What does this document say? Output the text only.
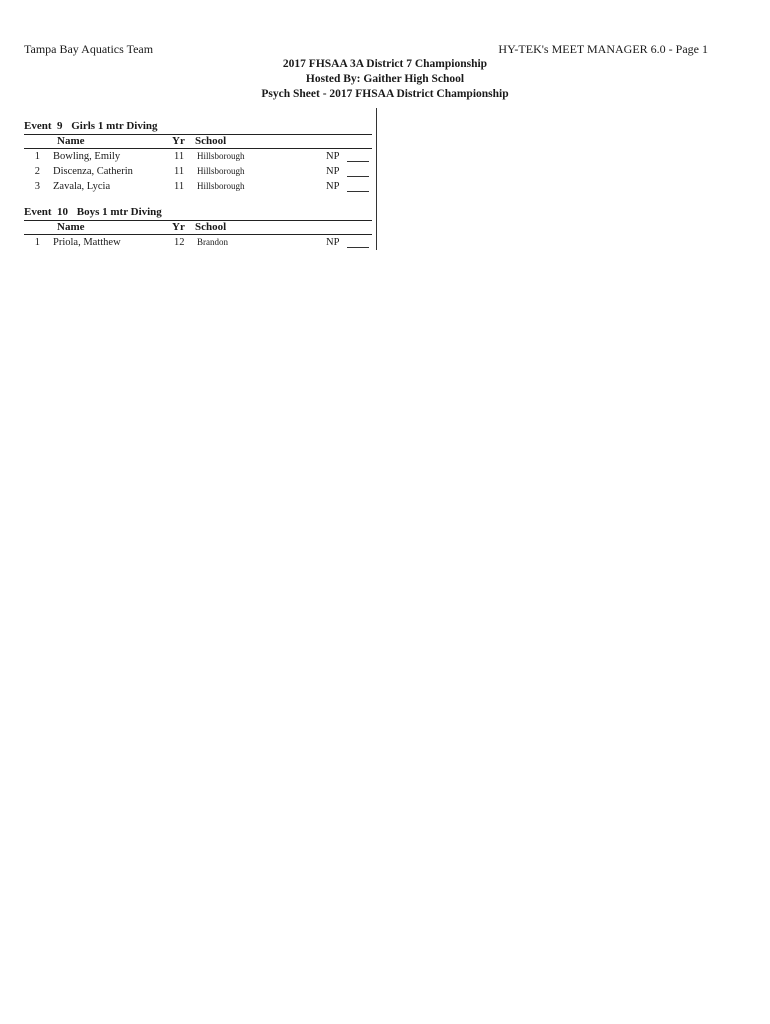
Tampa Bay Aquatics Team	HY-TEK's MEET MANAGER 6.0 - Page 1
2017 FHSAA 3A District 7 Championship
Hosted By: Gaither High School
Psych Sheet - 2017 FHSAA District Championship
Event  9 Girls 1 mtr Diving
Name	Yr School
1 Bowling, Emily	11 Hillsborough	NP
2 Discenza, Catherin	11 Hillsborough	NP
3 Zavala, Lycia	11 Hillsborough	NP
Event  10 Boys 1 mtr Diving
Name	Yr School
1 Priola, Matthew	12 Brandon	NP
